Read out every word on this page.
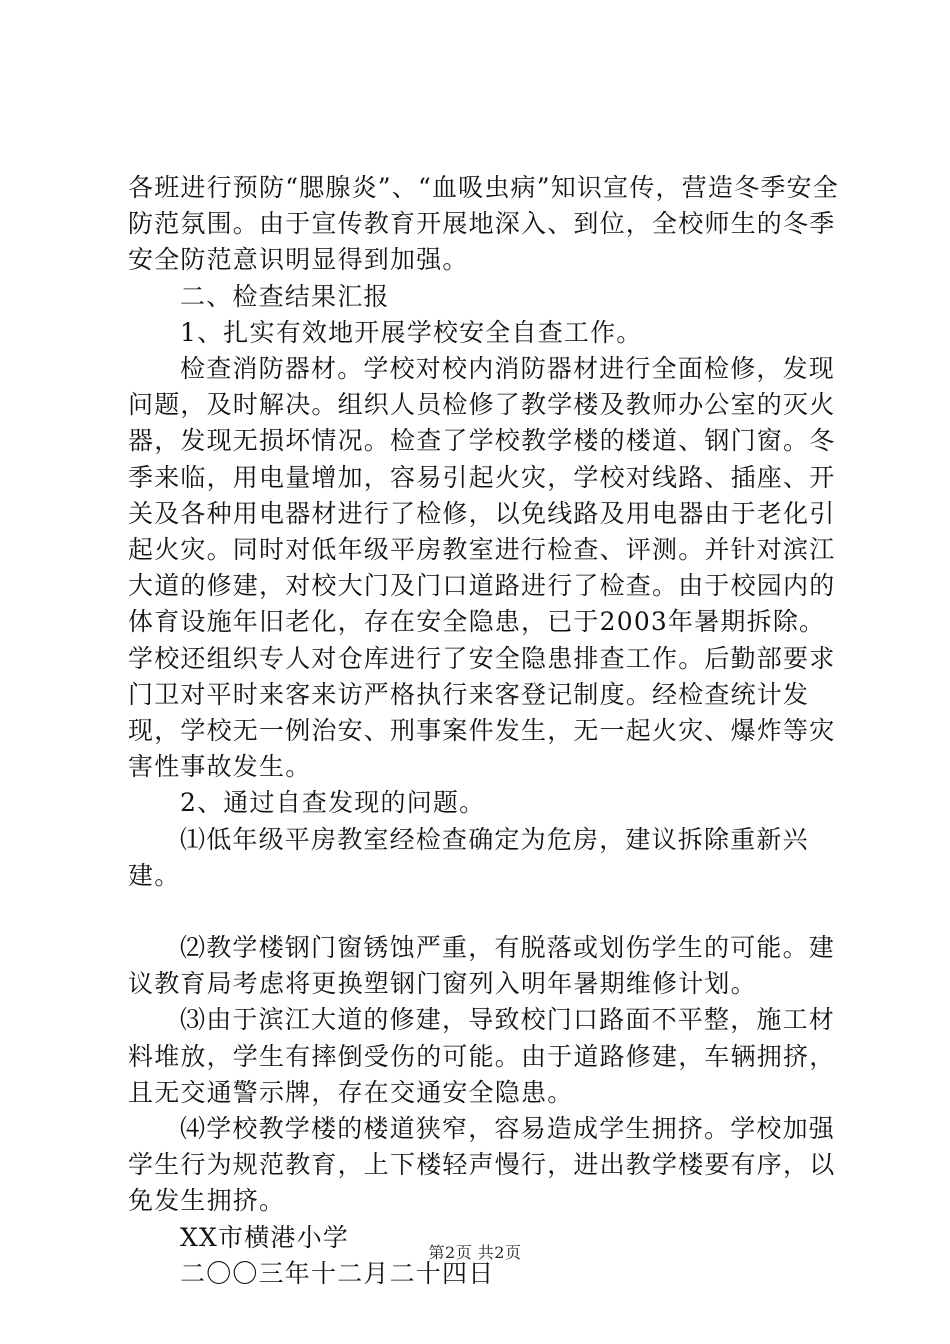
各班进行预防“腮腺炎”、“血吸虫病”知识宣传，营造冬季安全防范氛围。由于宣传教育开展地深入、到位，全校师生的冬季安全防范意识明显得到加强。

二、检查结果汇报

1、扎实有效地开展学校安全自查工作。

检查消防器材。学校对校内消防器材进行全面检修，发现问题，及时解决。组织人员检修了教学楼及教师办公室的灭火器，发现无损坏情况。检查了学校教学楼的楼道、钢门窗。冬季来临，用电量增加，容易引起火灾，学校对线路、插座、开关及各种用电器材进行了检修，以免线路及用电器由于老化引起火灾。同时对低年级平房教室进行检查、评测。并针对滨江大道的修建，对校大门及门口道路进行了检查。由于校园内的体育设施年旧老化，存在安全隐患，已于2003年暑期拆除。学校还组织专人对仓库进行了安全隐患排查工作。后勤部要求门卫对平时来客来访严格执行来客登记制度。经检查统计发现，学校无一例治安、刑事案件发生，无一起火灾、爆炸等灾害性事故发生。

2、通过自查发现的问题。

⑴低年级平房教室经检查确定为危房，建议拆除重新兴建。

⑵教学楼钢门窗锈蚀严重，有脱落或划伤学生的可能。建议教育局考虑将更换塑钢门窗列入明年暑期维修计划。

⑶由于滨江大道的修建，导致校门口路面不平整，施工材料堆放，学生有摔倒受伤的可能。由于道路修建，车辆拥挤，且无交通警示牌，存在交通安全隐患。

⑷学校教学楼的楼道狭窄，容易造成学生拥挤。学校加强学生行为规范教育，上下楼轻声慢行，进出教学楼要有序，以免发生拥挤。

XX市横港小学

二〇〇三年十二月二十四日

第2页 共2页
